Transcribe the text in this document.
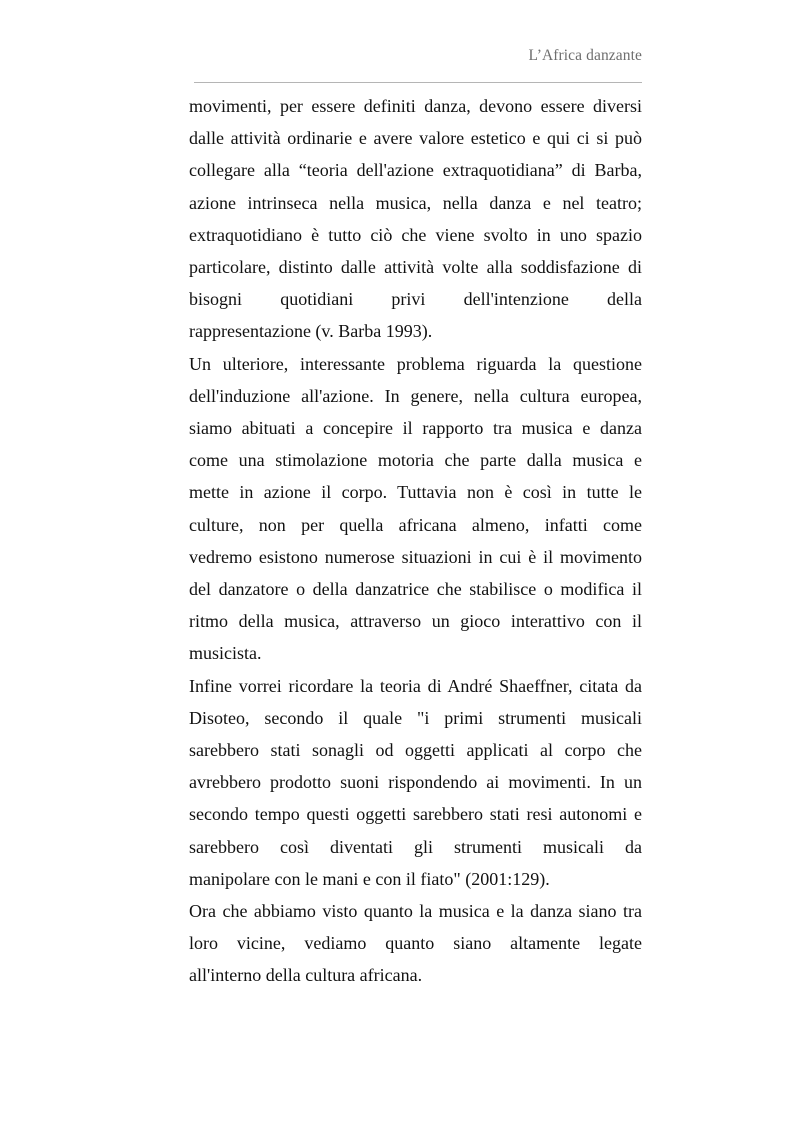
L’Africa danzante

movimenti, per essere definiti danza, devono essere diversi
dalle attività ordinarie e avere valore estetico e qui ci si può
collegare alla “teoria dell'azione extraquotidiana” di Barba,
azione intrinseca nella musica, nella danza e nel teatro;
extraquotidiano è tutto ciò che viene svolto in uno spazio
particolare, distinto dalle attività volte alla soddisfazione di
bisogni quotidiani privi dell'intenzione della
rappresentazione (v. Barba 1993).

Un ulteriore, interessante problema riguarda la questione
dell'induzione all'azione. In genere, nella cultura europea,
siamo abituati a concepire il rapporto tra musica e danza
come una stimolazione motoria che parte dalla musica e
mette in azione il corpo. Tuttavia non è così in tutte le
culture, non per quella africana almeno, infatti come
vedremo esistono numerose situazioni in cui è il movimento
del danzatore o della danzatrice che stabilisce o modifica il
ritmo della musica, attraverso un gioco interattivo con il
musicista.

Infine vorrei ricordare la teoria di André Shaeffner, citata da
Disoteo, secondo il quale "i primi strumenti musicali
sarebbero stati sonagli od oggetti applicati al corpo che
avrebbero prodotto suoni rispondendo ai movimenti. In un
secondo tempo questi oggetti sarebbero stati resi autonomi e
sarebbero così diventati gli strumenti musicali da
manipolare con le mani e con il fiato" (2001:129).

Ora che abbiamo visto quanto la musica e la danza siano tra
loro vicine, vediamo quanto siano altamente legate
all'interno della cultura africana.
